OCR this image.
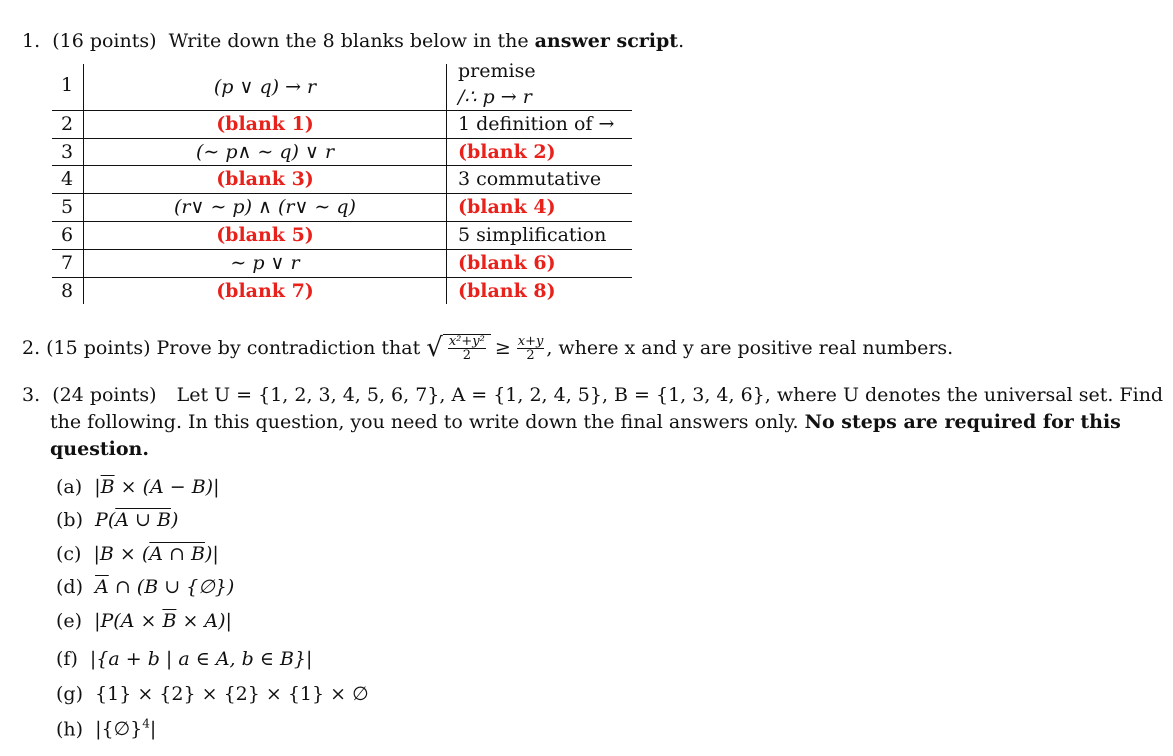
1. (16 points) Write down the 8 blanks below in the answer script.
1	(p ∨ q) → r
premise
/∴ p → r
2	(blank 1)	1 definition of →
3	(∼ p∧ ∼ q) ∨ r	(blank 2)
4	(blank 3)	3 commutative
5	(r∨ ∼ p) ∧ (r∨ ∼ q)	(blank 4)
6	(blank 5)	5 simplification
7	∼ p ∨ r	(blank 6)
8	(blank 7)	(blank 8)
2. (15 points) Prove by contradiction that √ $\frac{\text{x²+y²}}{2} \ge \frac{x+y}{2}$ , where x and y are positive real numbers.
3. (24 points) Let U = {1, 2, 3, 4, 5, 6, 7}, A = {1, 2, 4, 5}, B = {1, 3, 4, 6}, where U denotes the universal set. Find
the following. In this question, you need to write down the final answers only. No steps are required for this
question.
(a) $|\overline{B} \times (A - B)|$
(b) P(A ∪ B)
(c) |B × (A ∩ B)|
(d) $\overline{A}$ ∩ (B ∪ {∅})
(e) $|P(A \times \overline{B} \times A)|$
(f) |{a + b | a ∈ A, b ∈ B}|
(g) {1} × {2} × {2} × {1} × ∅
(h) |{∅}$^4$|
